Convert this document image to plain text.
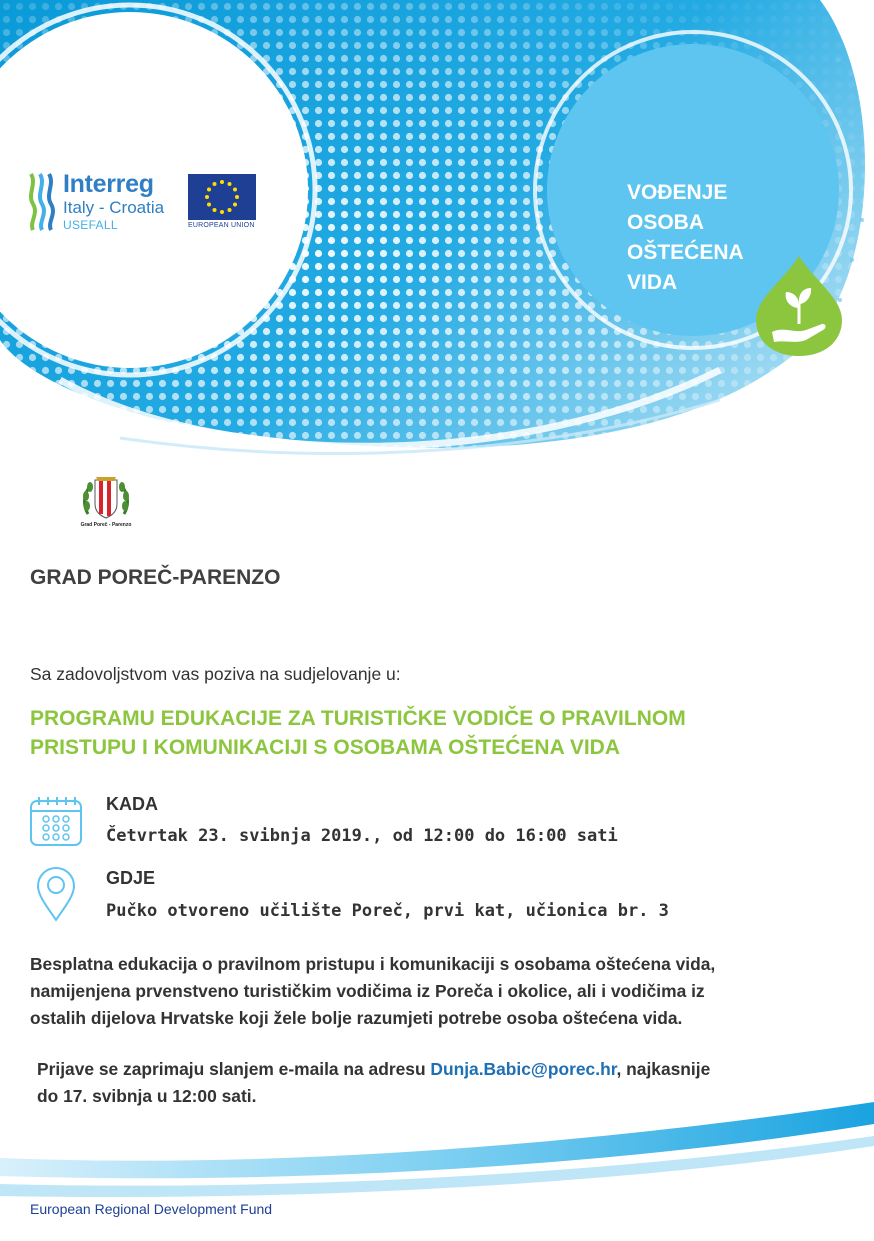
Interreg
Italy - Croatia
USEFALL	EUROPEAN UNION
VOĐENJE
OSOBA
OŠTEĆENA
VIDA
Grad Poreč - Parenzo
GRAD POREČ-PARENZO
Sa zadovoljstvom vas poziva na sudjelovanje u:
PROGRAMU EDUKACIJE ZA TURISTIČKE VODIČE O PRAVILNOM
PRISTUPU I KOMUNIKACIJI S OSOBAMA OŠTEĆENA VIDA
KADA
Četvrtak 23. svibnja 2019., od 12:00 do 16:00 sati
GDJE
Pučko otvoreno učilište Poreč, prvi kat, učionica br. 3
Besplatna edukacija o pravilnom pristupu i komunikaciji s osobama oštećena vida,
namijenjena prvenstveno turističkim vodičima iz Poreča i okolice, ali i vodičima iz
ostalih dijelova Hrvatske koji žele bolje razumjeti potrebe osoba oštećena vida.
Prijave se zaprimaju slanjem e-maila na adresu Dunja.Babic@porec.hr, najkasnije
do 17. svibnja u 12:00 sati.
European Regional Development Fund
